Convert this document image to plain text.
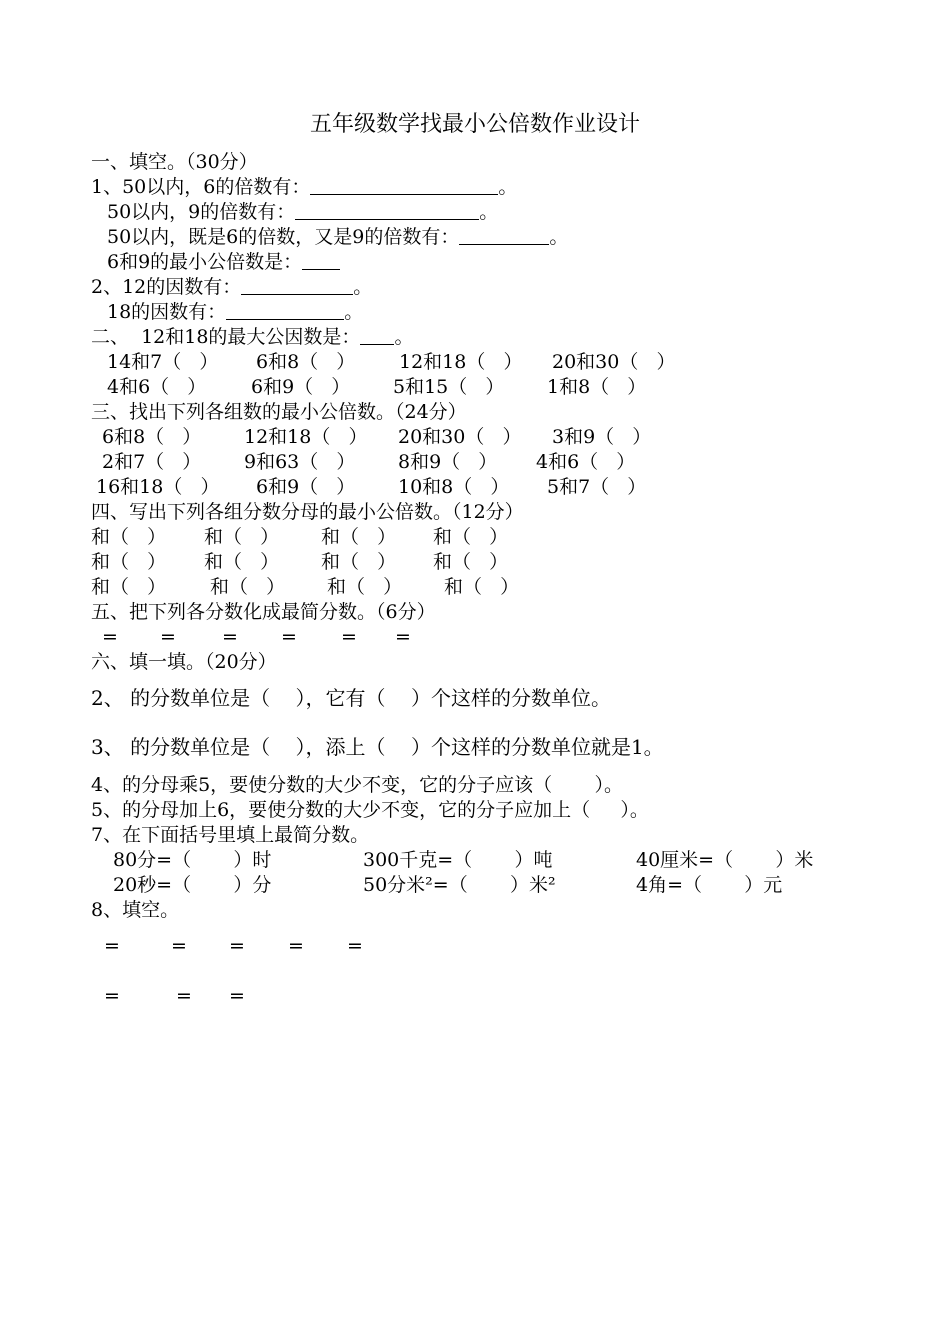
五年级数学找最小公倍数作业设计
一、填空。（30分）
1、50以内，6的倍数有：	。
50以内，9的倍数有：	。
50以内，既是6的倍数，又是9的倍数有：	。
6和9的最小公倍数是：
2、12的因数有：	。
18的因数有：	。
二、  12和18的最大公因数是： 。
14和7（   ） 6和8（   ） 12和18（   ） 20和30（   ）
4和6（   ） 6和9（   ） 5和15（   ） 1和8（   ）
三、找出下列各组数的最小公倍数。（24分）
6和8（   ） 12和18（   ） 20和30（   ） 3和9（   ）
2和7（   ） 9和63（   ） 8和9（   ） 4和6（   ）
16和18（   ） 6和9（   ） 10和8（   ） 5和7（   ）
四、写出下列各组分数分母的最小公倍数。（12分）
和（   ） 和（   ） 和（   ） 和（   ）
和（   ） 和（   ） 和（   ） 和（   ）
和（   ） 和（   ） 和（   ） 和（   ）
五、把下列各分数化成最简分数。（6分）
= = = = = =
六、填一填。（20分）
2、 的分数单位是（    ），它有（    ）个这样的分数单位。
3、 的分数单位是（    ），添上（    ）个这样的分数单位就是1。
4、的分母乘5，要使分数的大少不变，它的分子应该（       ）。
5、的分母加上6，要使分数的大少不变，它的分子应加上（     ）。
7、在下面括号里填上最简分数。
80分=（       ）时	300千克=（       ）吨	40厘米=（       ）米
20秒=（       ）分	50分米²=（       ）米²	4角=（       ）元
8、填空。
=	= = = =
=	= =
